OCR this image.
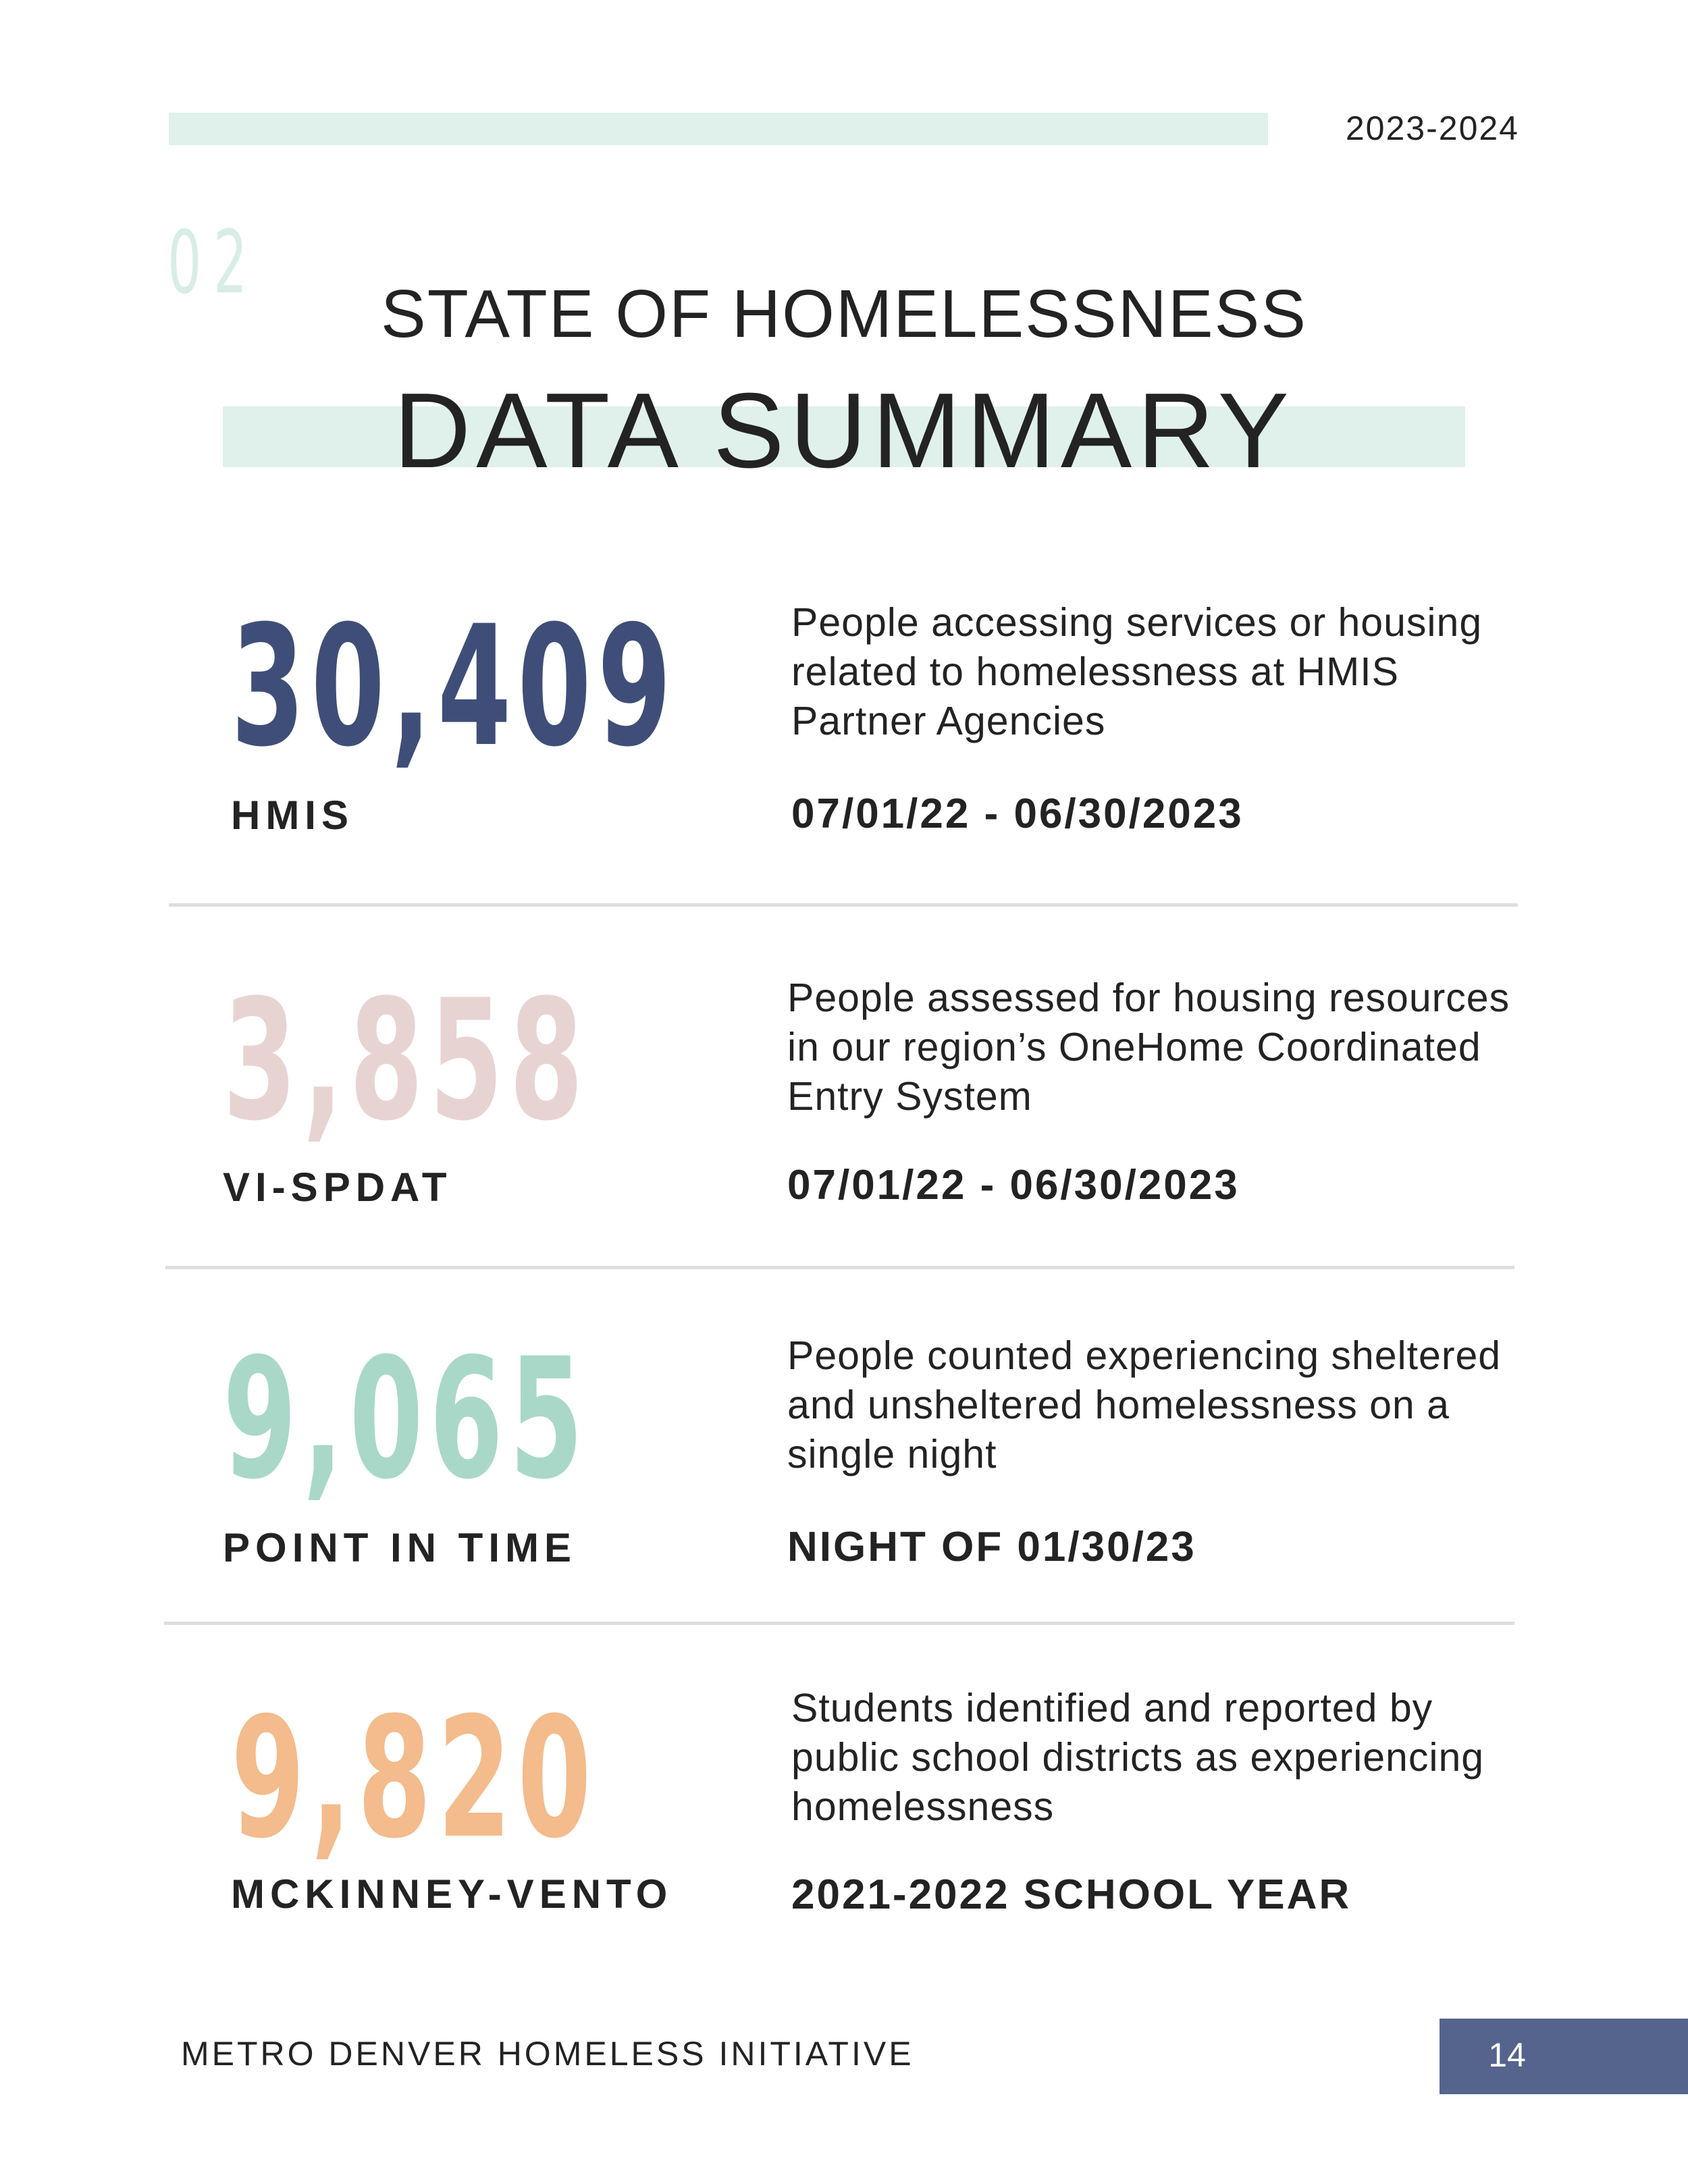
2023-2024
02
STATE OF HOMELESSNESS
DATA SUMMARY
30,409
HMIS
People accessing services or housing related to homelessness at HMIS Partner Agencies
07/01/22 - 06/30/2023
3,858
VI-SPDAT
People assessed for housing resources in our region’s OneHome Coordinated Entry System
07/01/22 - 06/30/2023
9,065
POINT IN TIME
People counted experiencing sheltered and unsheltered homelessness on a single night
NIGHT OF 01/30/23
9,820
MCKINNEY-VENTO
Students identified and reported by public school districts as experiencing homelessness
2021-2022 SCHOOL YEAR
METRO DENVER HOMELESS INITIATIVE	14
